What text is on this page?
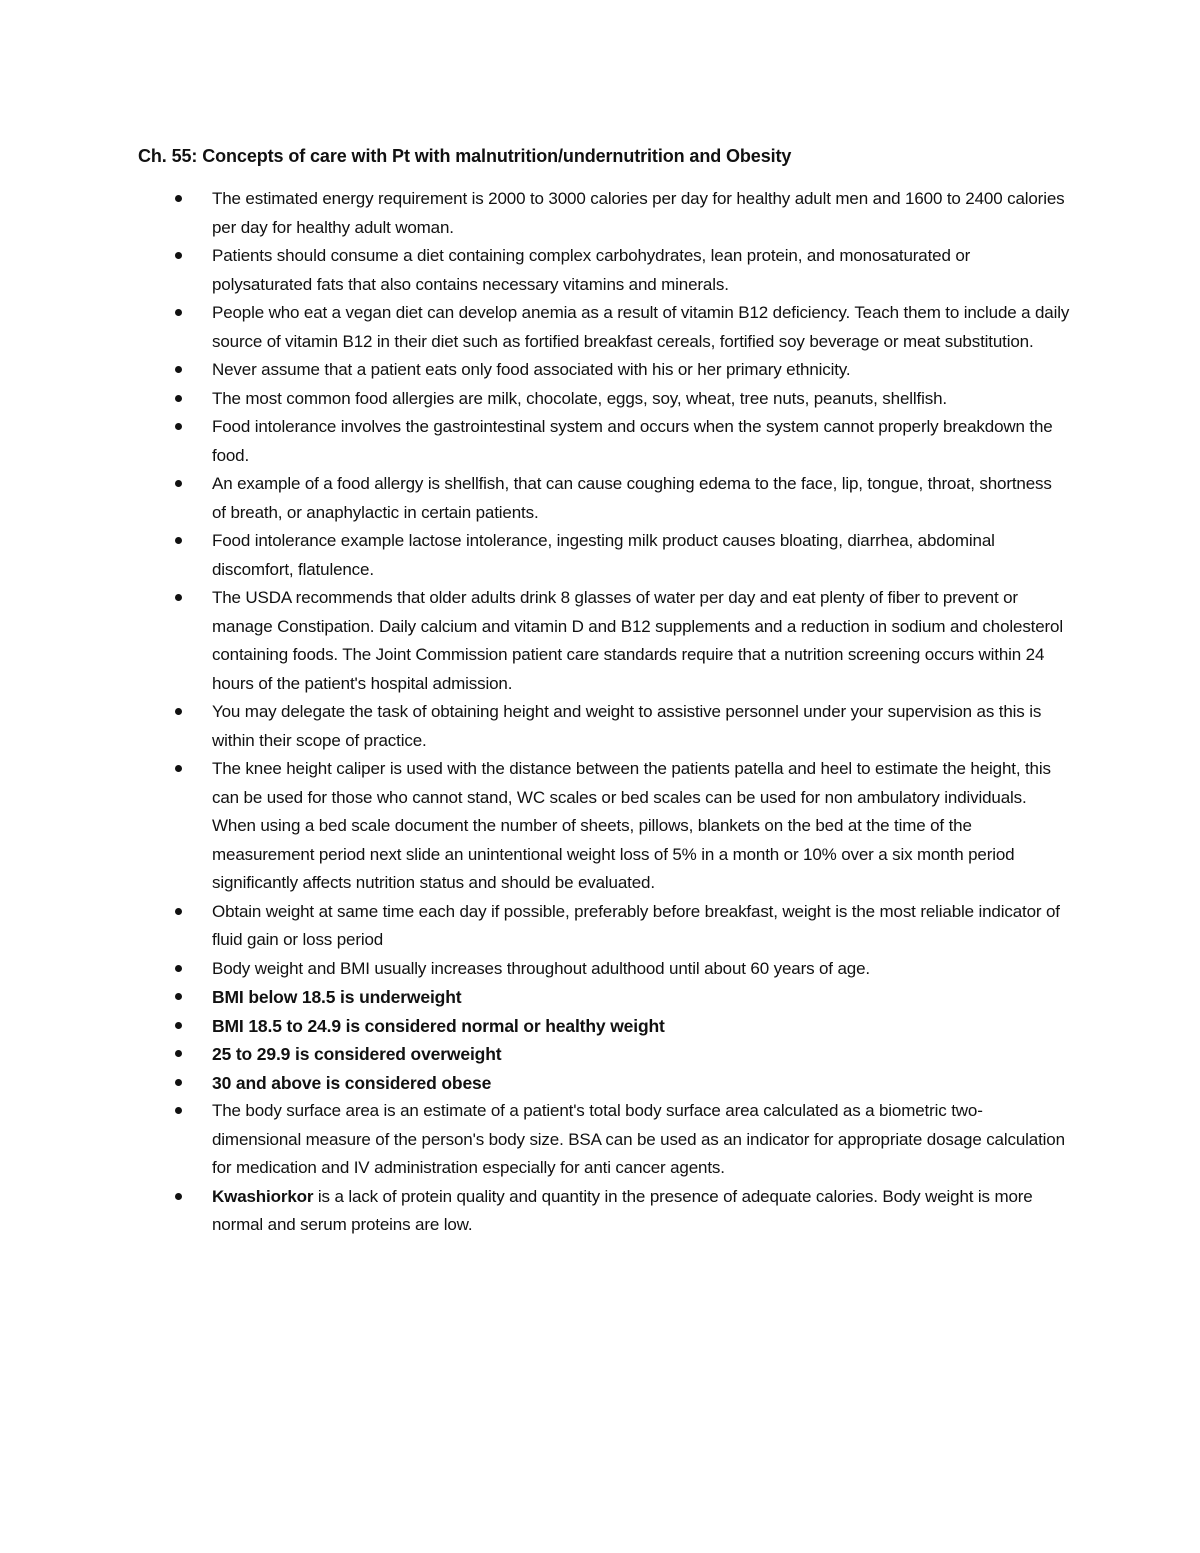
Ch. 55: Concepts of care with Pt with malnutrition/undernutrition and Obesity
The estimated energy requirement is 2000 to 3000 calories per day for healthy adult men and 1600 to 2400 calories per day for healthy adult woman.
Patients should consume a diet containing complex carbohydrates, lean protein, and monosaturated or polysaturated fats that also contains necessary vitamins and minerals.
People who eat a vegan diet can develop anemia as a result of vitamin B12 deficiency. Teach them to include a daily source of vitamin B12 in their diet such as fortified breakfast cereals, fortified soy beverage or meat substitution.
Never assume that a patient eats only food associated with his or her primary ethnicity.
The most common food allergies are milk, chocolate, eggs, soy, wheat, tree nuts, peanuts, shellfish.
Food intolerance involves the gastrointestinal system and occurs when the system cannot properly breakdown the food.
An example of a food allergy is shellfish, that can cause coughing edema to the face, lip, tongue, throat, shortness of breath, or anaphylactic in certain patients.
Food intolerance example lactose intolerance, ingesting milk product causes bloating, diarrhea, abdominal discomfort, flatulence.
The USDA recommends that older adults drink 8 glasses of water per day and eat plenty of fiber to prevent or manage Constipation. Daily calcium and vitamin D and B12 supplements and a reduction in sodium and cholesterol containing foods. The Joint Commission patient care standards require that a nutrition screening occurs within 24 hours of the patient's hospital admission.
You may delegate the task of obtaining height and weight to assistive personnel under your supervision as this is within their scope of practice.
The knee height caliper is used with the distance between the patients patella and heel to estimate the height, this can be used for those who cannot stand, WC scales or bed scales can be used for non ambulatory individuals. When using a bed scale document the number of sheets, pillows, blankets on the bed at the time of the measurement period next slide an unintentional weight loss of 5% in a month or 10% over a six month period significantly affects nutrition status and should be evaluated.
Obtain weight at same time each day if possible, preferably before breakfast, weight is the most reliable indicator of fluid gain or loss period
Body weight and BMI usually increases throughout adulthood until about 60 years of age.
BMI below 18.5 is underweight
BMI 18.5 to 24.9 is considered normal or healthy weight
25 to 29.9 is considered overweight
30 and above is considered obese
The body surface area is an estimate of a patient's total body surface area calculated as a biometric two-dimensional measure of the person's body size. BSA can be used as an indicator for appropriate dosage calculation for medication and IV administration especially for anti cancer agents.
Kwashiorkor is a lack of protein quality and quantity in the presence of adequate calories. Body weight is more normal and serum proteins are low.
